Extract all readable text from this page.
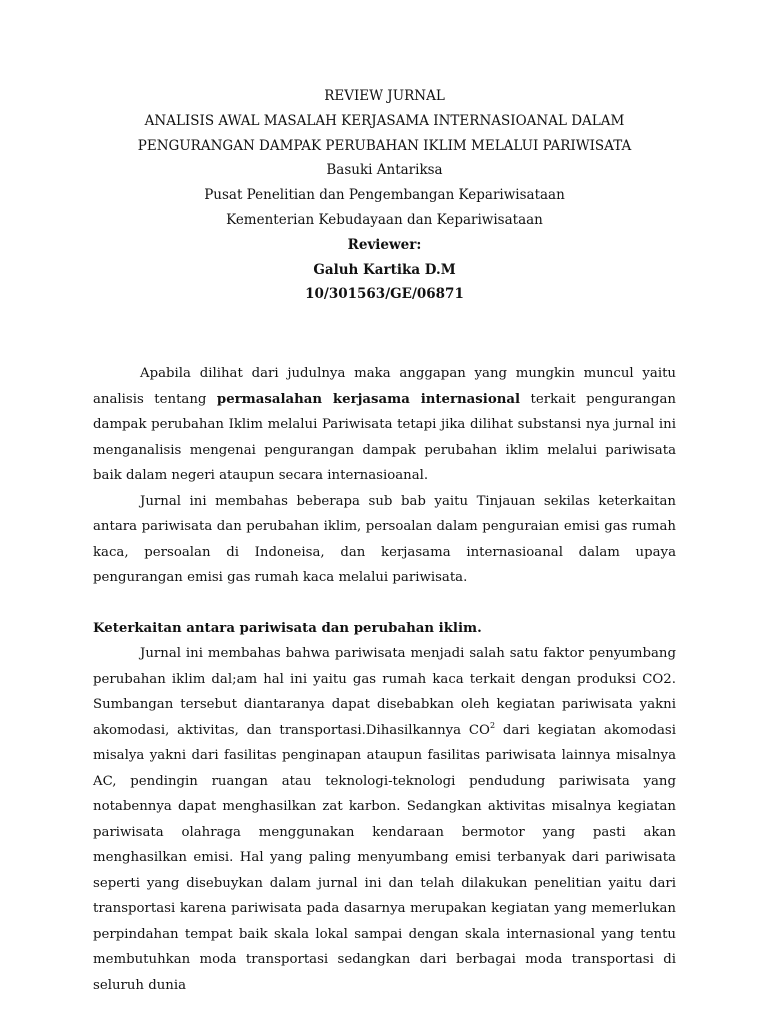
REVIEW JURNAL
ANALISIS AWAL MASALAH KERJASAMA INTERNASIOANAL DALAM
PENGURANGAN DAMPAK PERUBAHAN IKLIM MELALUI PARIWISATA
Basuki Antariksa
Pusat Penelitian dan Pengembangan Kepariwisataan
Kementerian Kebudayaan dan Kepariwisataan
Reviewer:
Galuh Kartika D.M
10/301563/GE/06871

Apabila dilihat dari judulnya maka anggapan yang mungkin muncul yaitu analisis tentang permasalahan kerjasama internasional terkait pengurangan dampak perubahan Iklim melalui Pariwisata tetapi jika dilihat substansi nya jurnal ini menganalisis mengenai pengurangan dampak perubahan iklim melalui pariwisata baik dalam negeri ataupun secara internasioanal.

Jurnal ini membahas beberapa sub bab yaitu Tinjauan sekilas keterkaitan antara pariwisata dan perubahan iklim, persoalan dalam penguraian emisi gas rumah kaca, persoalan di Indoneisa, dan kerjasama internasioanal dalam upaya pengurangan emisi gas rumah kaca melalui pariwisata.

Keterkaitan antara pariwisata dan perubahan iklim.

Jurnal ini membahas bahwa pariwisata menjadi salah satu faktor penyumbang perubahan iklim dal;am hal ini yaitu gas rumah kaca terkait dengan produksi CO2. Sumbangan tersebut diantaranya dapat disebabkan oleh kegiatan pariwisata yakni akomodasi, aktivitas, dan transportasi.Dihasilkannya $CO^2$ dari kegiatan akomodasi misalya yakni dari fasilitas penginapan ataupun fasilitas pariwisata lainnya misalnya AC, pendingin ruangan atau teknologi-teknologi pendudung pariwisata yang notabennya dapat menghasilkan zat karbon. Sedangkan aktivitas misalnya kegiatan pariwisata olahraga menggunakan kendaraan bermotor yang pasti akan menghasilkan emisi. Hal yang paling menyumbang emisi terbanyak dari pariwisata seperti yang disebuykan dalam jurnal ini dan telah dilakukan penelitian yaitu dari transportasi karena pariwisata pada dasarnya merupakan kegiatan yang memerlukan perpindahan tempat baik skala lokal sampai dengan skala internasional yang tentu membutuhkan moda transportasi sedangkan dari berbagai moda transportasi di seluruh dunia
